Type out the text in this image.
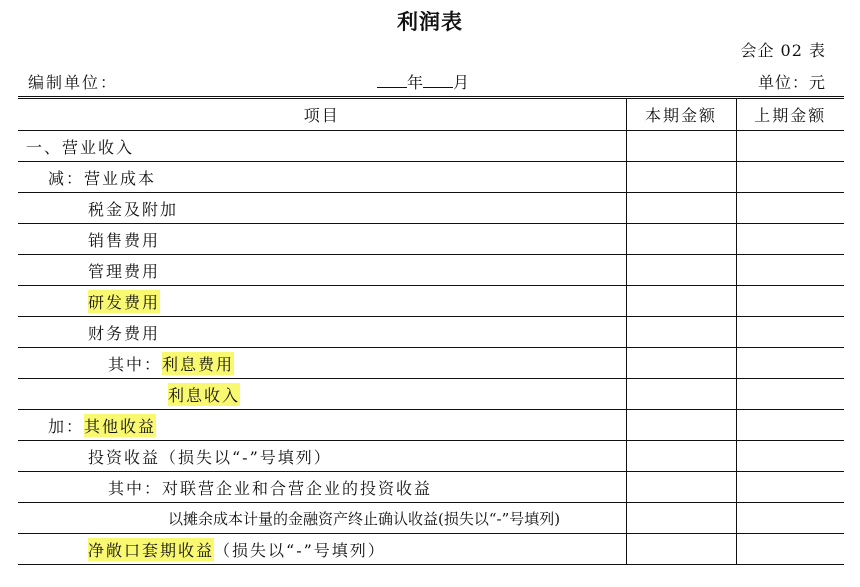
利润表
会企 02 表
编制单位：	年 月	单位：元
项目	本期金额	上期金额
一、营业收入		
减：营业成本		
税金及附加		
销售费用		
管理费用		
研发费用		
财务费用		
其中：利息费用		
利息收入		
加：其他收益		
投资收益（损失以“-”号填列）		
其中：对联营企业和合营企业的投资收益		
以摊余成本计量的金融资产终止确认收益(损失以“-”号填列)		
净敞口套期收益（损失以“-”号填列）		
